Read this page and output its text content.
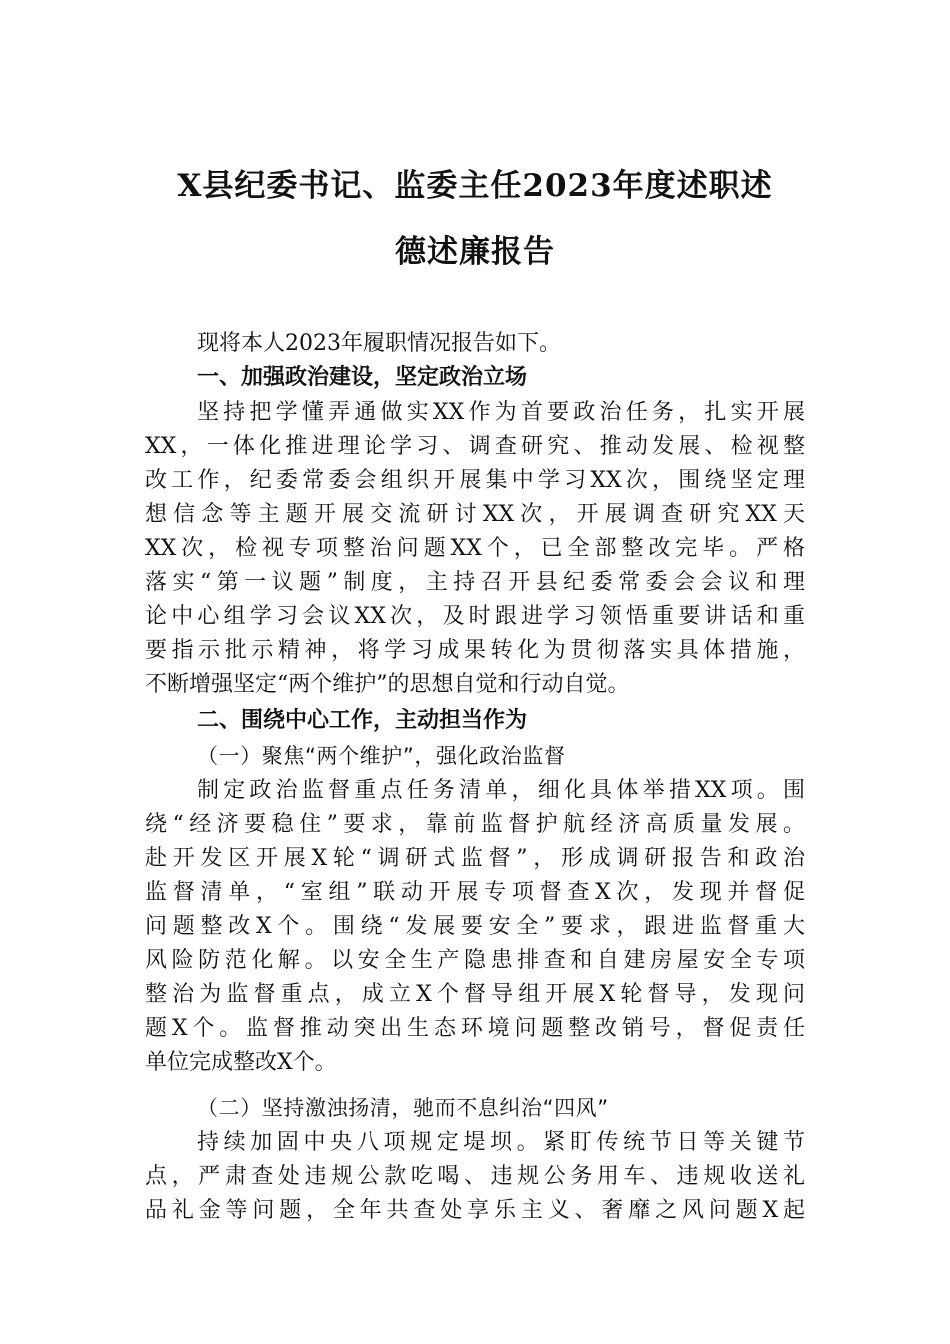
X县纪委书记、监委主任2023年度述职述
德述廉报告
现将本人2023年履职情况报告如下。
一、加强政治建设，坚定政治立场
坚持把学懂弄通做实XX作为首要政治任务，扎实开展
XX，一体化推进理论学习、调查研究、推动发展、检视整
改工作，纪委常委会组织开展集中学习XX次，围绕坚定理
想信念等主题开展交流研讨XX次，开展调查研究XX天
XX次，检视专项整治问题XX个，已全部整改完毕。严格
落实“第一议题”制度，主持召开县纪委常委会会议和理
论中心组学习会议XX次，及时跟进学习领悟重要讲话和重
要指示批示精神，将学习成果转化为贯彻落实具体措施，
不断增强坚定“两个维护”的思想自觉和行动自觉。
二、围绕中心工作，主动担当作为
（一）聚焦“两个维护”，强化政治监督
制定政治监督重点任务清单，细化具体举措XX项。围
绕“经济要稳住”要求，靠前监督护航经济高质量发展。
赴开发区开展X轮“调研式监督”，形成调研报告和政治
监督清单，“室组”联动开展专项督查X次，发现并督促
问题整改X个。围绕“发展要安全”要求，跟进监督重大
风险防范化解。以安全生产隐患排查和自建房屋安全专项
整治为监督重点，成立X个督导组开展X轮督导，发现问
题X个。监督推动突出生态环境问题整改销号，督促责任
单位完成整改X个。
（二）坚持激浊扬清，驰而不息纠治“四风”
持续加固中央八项规定堤坝。紧盯传统节日等关键节
点，严肃查处违规公款吃喝、违规公务用车、违规收送礼
品礼金等问题，全年共查处享乐主义、奢靡之风问题X起
